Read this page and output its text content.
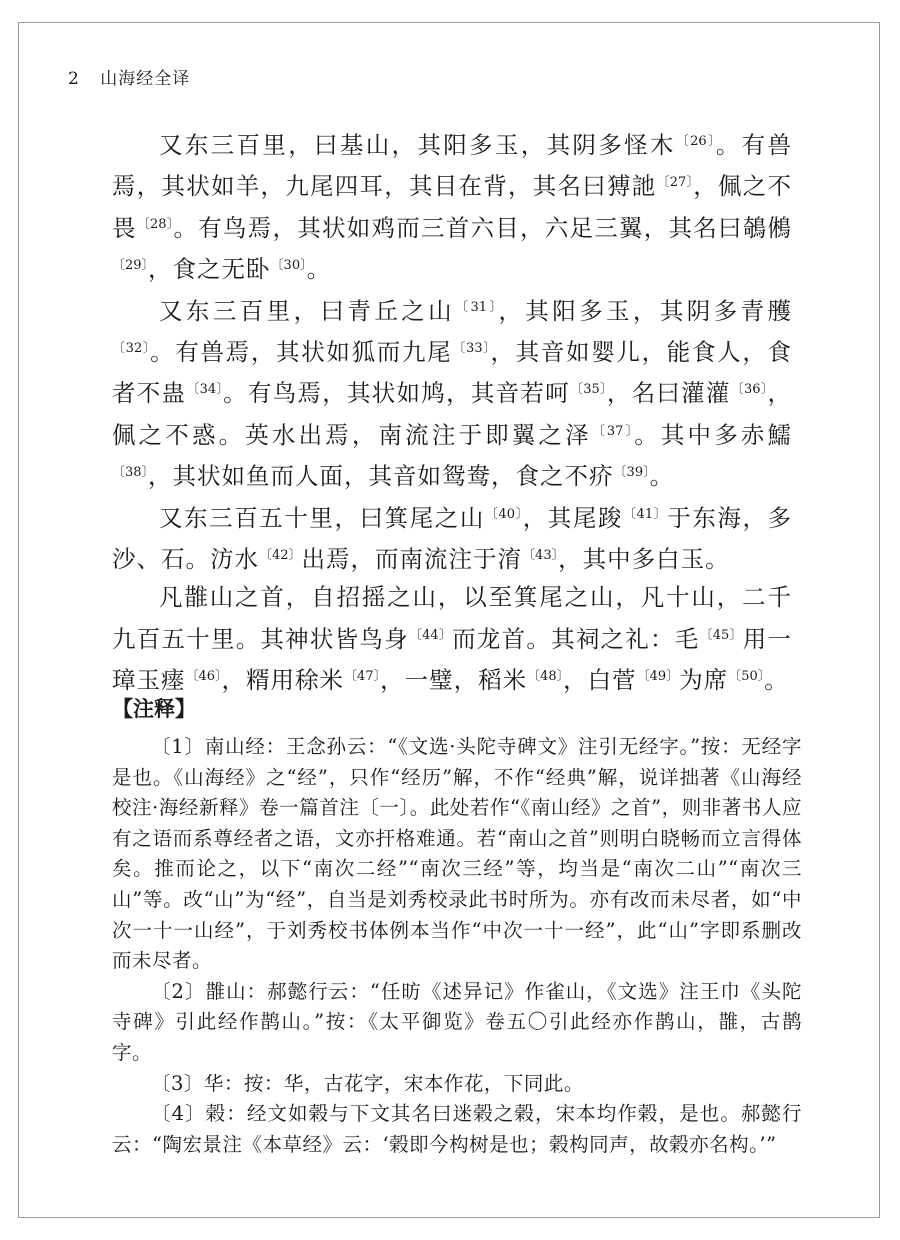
2 山海经全译

又东三百里，曰基山，其阳多玉，其阴多怪木$^{〔26〕}$。有兽焉，其状如羊，九尾四耳，其目在背，其名曰猼訑$^{〔27〕}$，佩之不畏$^{〔28〕}$。有鸟焉，其状如鸡而三首六目，六足三翼，其名曰鵸鵂$^{〔29〕}$，食之无卧$^{〔30〕}$。

又东三百里，曰青丘之山$^{〔31〕}$，其阳多玉，其阴多青雘$^{〔32〕}$。有兽焉，其状如狐而九尾$^{〔33〕}$，其音如婴儿，能食人，食者不蛊$^{〔34〕}$。有鸟焉，其状如鸠，其音若呵$^{〔35〕}$，名曰灌灌$^{〔36〕}$，佩之不惑。英水出焉，南流注于即翼之泽$^{〔37〕}$。其中多赤鱬$^{〔38〕}$，其状如鱼而人面，其音如鸳鸯，食之不疥$^{〔39〕}$。

又东三百五十里，曰箕尾之山$^{〔40〕}$，其尾踆$^{〔41〕}$于东海，多沙、石。汸水$^{〔42〕}$出焉，而南流注于淯$^{〔43〕}$，其中多白玉。

凡䧿山之首，自招摇之山，以至箕尾之山，凡十山，二千九百五十里。其神状皆鸟身$^{〔44〕}$而龙首。其祠之礼：毛$^{〔45〕}$用一璋玉瘗$^{〔46〕}$，糈用稌米$^{〔47〕}$，一璧，稻米$^{〔48〕}$，白菅$^{〔49〕}$为席$^{〔50〕}$。

【注释】

〔1〕南山经：王念孙云：“《文选·头陀寺碑文》注引无经字。”按：无经字是也。《山海经》之“经”，只作“经历”解，不作“经典”解，说详拙著《山海经校注·海经新释》卷一篇首注〔一〕。此处若作“《南山经》之首”，则非著书人应有之语而系尊经者之语，文亦扞格难通。若“南山之首”则明白晓畅而立言得体矣。推而论之，以下“南次二经”“南次三经”等，均当是“南次二山”“南次三山”等。改“山”为“经”，自当是刘秀校录此书时所为。亦有改而未尽者，如“中次一十一山经”，于刘秀校书体例本当作“中次一十一经”，此“山”字即系删改而未尽者。

〔2〕䧿山：郝懿行云：“任昉《述异记》作雀山，《文选》注王巾《头陀寺碑》引此经作鹊山。”按：《太平御览》卷五〇引此经亦作鹊山，䧿，古鹊字。

〔3〕华：按：华，古花字，宋本作花，下同此。

〔4〕榖：经文如榖与下文其名曰迷榖之榖，宋本均作榖，是也。郝懿行云：“陶宏景注《本草经》云：‘榖即今构树是也；榖构同声，故榖亦名构。’”
